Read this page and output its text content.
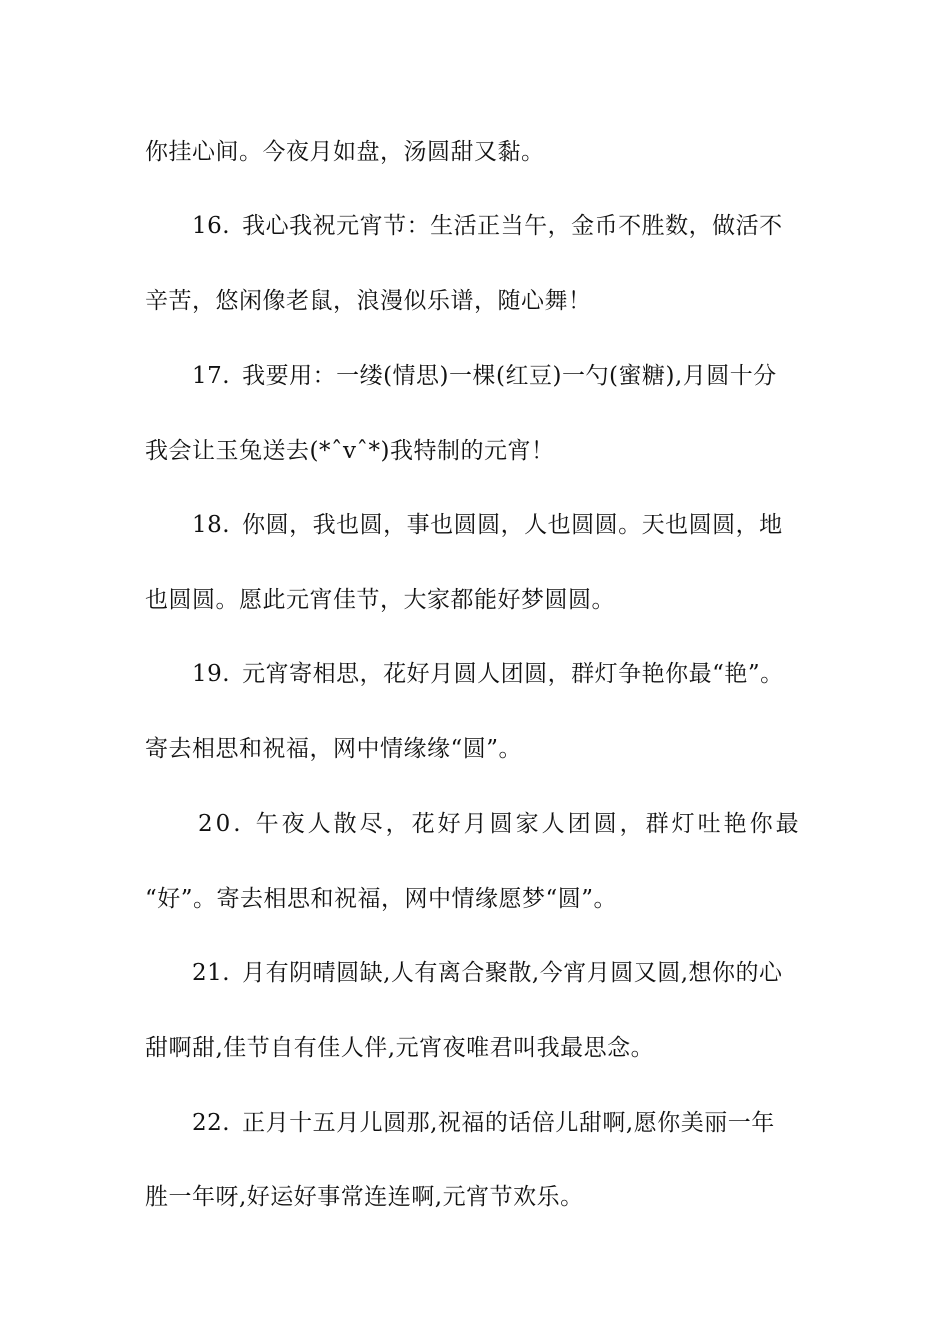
你挂心间。今夜月如盘，汤圆甜又黏。
16. 我心我祝元宵节：生活正当午，金币不胜数，做活不
辛苦，悠闲像老鼠，浪漫似乐谱，随心舞！
17. 我要用：一缕(情思)一棵(红豆)一勺(蜜糖),月圆十分
我会让玉兔送去(*ˆvˆ*)我特制的元宵！
18. 你圆，我也圆，事也圆圆，人也圆圆。天也圆圆，地
也圆圆。愿此元宵佳节，大家都能好梦圆圆。
19. 元宵寄相思，花好月圆人团圆，群灯争艳你最“艳”。
寄去相思和祝福，网中情缘缘“圆”。
20. 午夜人散尽，花好月圆家人团圆，群灯吐艳你最
“好”。寄去相思和祝福，网中情缘愿梦“圆”。
21. 月有阴晴圆缺,人有离合聚散,今宵月圆又圆,想你的心
甜啊甜,佳节自有佳人伴,元宵夜唯君叫我最思念。
22. 正月十五月儿圆那,祝福的话倍儿甜啊,愿你美丽一年
胜一年呀,好运好事常连连啊,元宵节欢乐。
